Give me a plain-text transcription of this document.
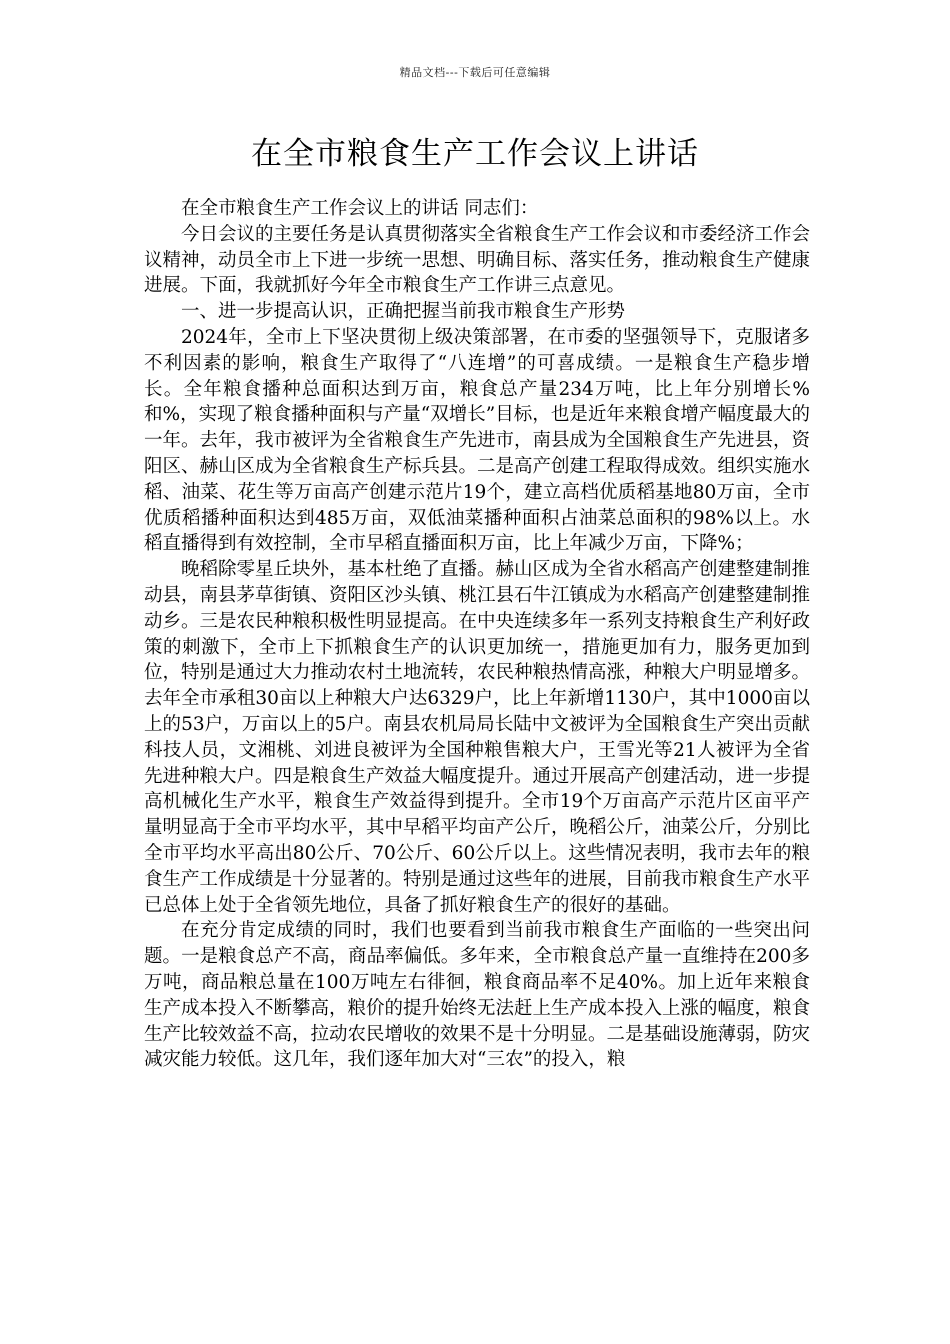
精品文档---下载后可任意编辑
在全市粮食生产工作会议上讲话

在全市粮食生产工作会议上的讲话 同志们：

今日会议的主要任务是认真贯彻落实全省粮食生产工作会议和市委经济工作会议精神，动员全市上下进一步统一思想、明确目标、落实任务，推动粮食生产健康进展。下面，我就抓好今年全市粮食生产工作讲三点意见。

一、进一步提高认识，正确把握当前我市粮食生产形势

2024年，全市上下坚决贯彻上级决策部署，在市委的坚强领导下，克服诸多不利因素的影响，粮食生产取得了“八连增”的可喜成绩。一是粮食生产稳步增长。全年粮食播种总面积达到万亩，粮食总产量234万吨，比上年分别增长%和%，实现了粮食播种面积与产量“双增长”目标，也是近年来粮食增产幅度最大的一年。去年，我市被评为全省粮食生产先进市，南县成为全国粮食生产先进县，资阳区、赫山区成为全省粮食生产标兵县。二是高产创建工程取得成效。组织实施水稻、油菜、花生等万亩高产创建示范片19个，建立高档优质稻基地80万亩，全市优质稻播种面积达到485万亩，双低油菜播种面积占油菜总面积的98%以上。水稻直播得到有效控制，全市早稻直播面积万亩，比上年减少万亩，下降%；

晚稻除零星丘块外，基本杜绝了直播。赫山区成为全省水稻高产创建整建制推动县，南县茅草街镇、资阳区沙头镇、桃江县石牛江镇成为水稻高产创建整建制推动乡。三是农民种粮积极性明显提高。在中央连续多年一系列支持粮食生产利好政策的刺激下，全市上下抓粮食生产的认识更加统一，措施更加有力，服务更加到位，特别是通过大力推动农村土地流转，农民种粮热情高涨，种粮大户明显增多。去年全市承租30亩以上种粮大户达6329户，比上年新增1130户，其中1000亩以上的53户，万亩以上的5户。南县农机局局长陆中文被评为全国粮食生产突出贡献科技人员，文湘桃、刘进良被评为全国种粮售粮大户，王雪光等21人被评为全省先进种粮大户。四是粮食生产效益大幅度提升。通过开展高产创建活动，进一步提高机械化生产水平，粮食生产效益得到提升。全市19个万亩高产示范片区亩平产量明显高于全市平均水平，其中早稻平均亩产公斤，晚稻公斤，油菜公斤，分别比全市平均水平高出80公斤、70公斤、60公斤以上。这些情况表明，我市去年的粮食生产工作成绩是十分显著的。特别是通过这些年的进展，目前我市粮食生产水平已总体上处于全省领先地位，具备了抓好粮食生产的很好的基础。

在充分肯定成绩的同时，我们也要看到当前我市粮食生产面临的一些突出问题。一是粮食总产不高，商品率偏低。多年来，全市粮食总产量一直维持在200多万吨，商品粮总量在100万吨左右徘徊，粮食商品率不足40%。加上近年来粮食生产成本投入不断攀高，粮价的提升始终无法赶上生产成本投入上涨的幅度，粮食生产比较效益不高，拉动农民增收的效果不是十分明显。二是基础设施薄弱，防灾减灾能力较低。这几年，我们逐年加大对“三农”的投入，粮
